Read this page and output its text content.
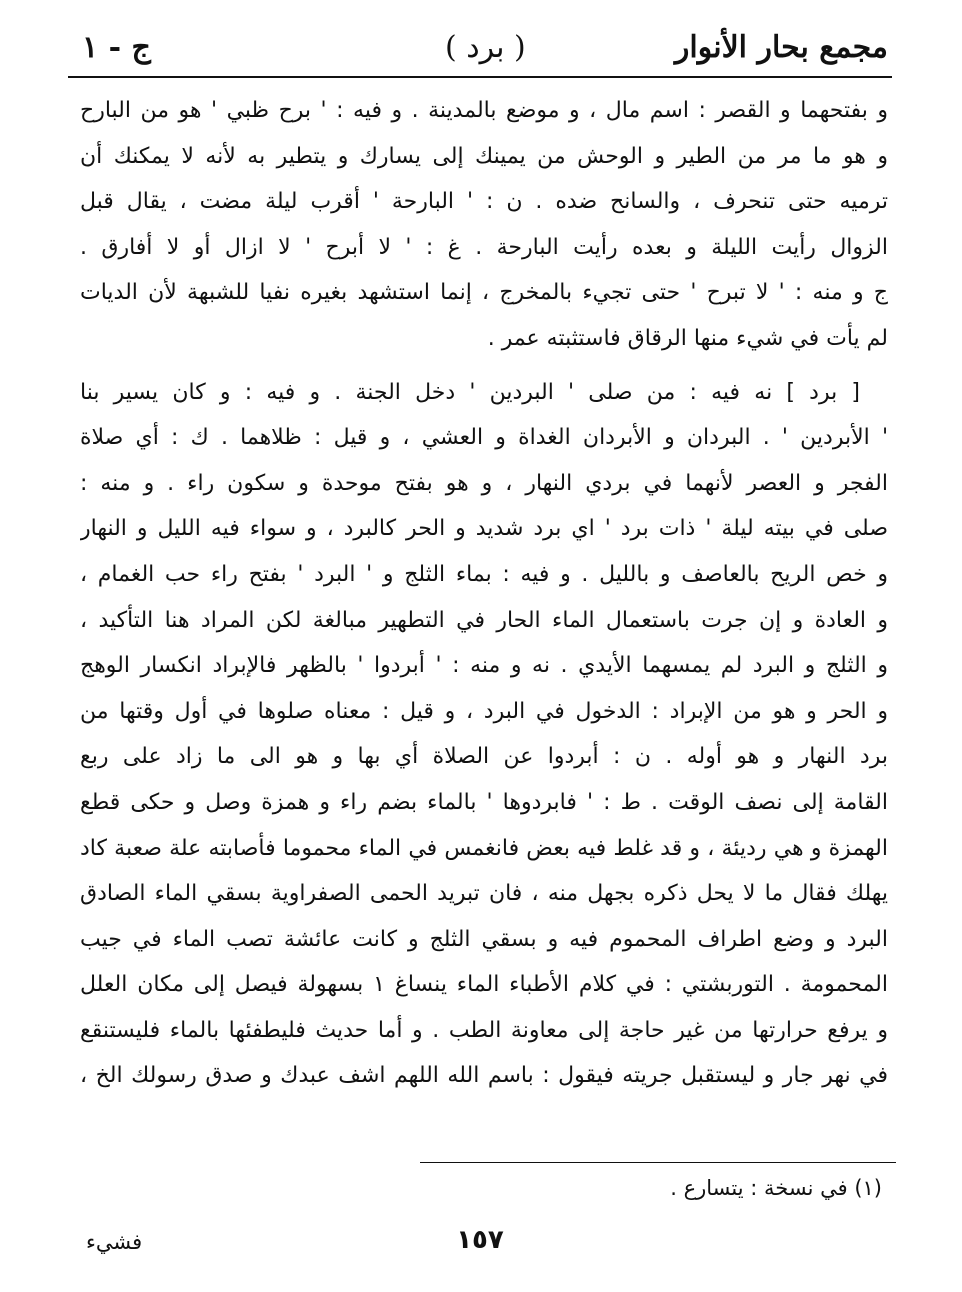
مجمع بحار الأنوار
( برد )
ج - ١
و بفتحهما و القصر : اسم مال ، و موضع بالمدينة . و فيه : ' برح ظبي ' هو من البارح
و هو ما مر من الطير و الوحش من يمينك إلى يسارك و يتطير به لأنه لا يمكنك أن
ترميه حتى تنحرف ، والسانح ضده . ن : ' البارحة ' أقرب ليلة مضت ، يقال قبل
الزوال رأيت الليلة و بعده رأيت البارحة . غ : ' لا أبرح ' لا ازال أو لا أفارق .
ج و منه : ' لا تبرح ' حتى تجيء بالمخرج ، إنما استشهد بغيره نفيا للشبهة لأن الديات
لم يأت في شيء منها الرقاق فاستثبته عمر .
[ برد ] نه فيه : من صلى ' البردين ' دخل الجنة . و فيه : و كان يسير بنا
' الأبردين ' . البردان و الأبردان الغداة و العشي ، و قيل : ظلاهما . ك : أي صلاة
الفجر و العصر لأنهما في بردي النهار ، و هو بفتح موحدة و سكون راء . و منه :
صلى في بيته ليلة ' ذات برد ' اي برد شديد و الحر كالبرد ، و سواء فيه الليل و النهار
و خص الريح بالعاصف و بالليل . و فيه : بماء الثلج و ' البرد ' بفتح راء حب الغمام ،
و العادة و إن جرت باستعمال الماء الحار في التطهير مبالغة لكن المراد هنا التأكيد ،
و الثلج و البرد لم يمسهما الأيدي . نه و منه : ' أبردوا ' بالظهر فالإبراد انكسار الوهج
و الحر و هو من الإبراد : الدخول في البرد ، و قيل : معناه صلوها في أول وقتها من
برد النهار و هو أوله . ن : أبردوا عن الصلاة أي بها و هو الى ما زاد على ربع
القامة إلى نصف الوقت . ط : ' فابردوها ' بالماء بضم راء و همزة وصل و حكى قطع
الهمزة و هي رديئة ، و قد غلط فيه بعض فانغمس في الماء محموما فأصابته علة صعبة كاد
يهلك فقال ما لا يحل ذكره بجهل منه ، فان تبريد الحمى الصفراوية بسقي الماء الصادق
البرد و وضع اطراف المحموم فيه و بسقي الثلج و كانت عائشة تصب الماء في جيب
المحمومة . التوربشتي : في كلام الأطباء الماء ينساغ ١ بسهولة فيصل إلى مكان العلل
و يرفع حرارتها من غير حاجة إلى معاونة الطب . و أما حديث فليطفئها بالماء فليستنقع
في نهر جار و ليستقبل جريته فيقول : باسم الله اللهم اشف عبدك و صدق رسولك الخ ،
(١) في نسخة : يتسارع .
١٥٧
فشيء
